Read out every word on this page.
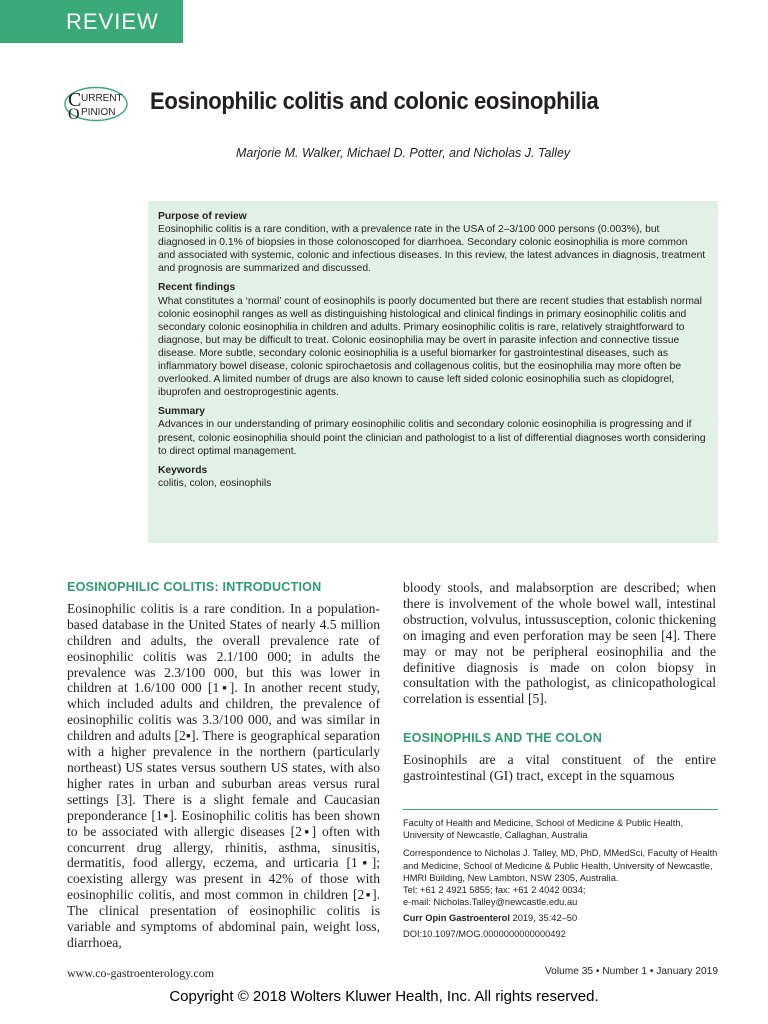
REVIEW
C URRENT
O PINION Eosinophilic colitis and colonic eosinophilia
Marjorie M. Walker, Michael D. Potter, and Nicholas J. Talley
Purpose of review

Eosinophilic colitis is a rare condition, with a prevalence rate in the USA of 2–3/100 000 persons (0.003%), but diagnosed in 0.1% of biopsies in those colonoscoped for diarrhoea. Secondary colonic eosinophilia is more common and associated with systemic, colonic and infectious diseases. In this review, the latest advances in diagnosis, treatment and prognosis are summarized and discussed.

Recent findings

What constitutes a ‘normal’ count of eosinophils is poorly documented but there are recent studies that establish normal colonic eosinophil ranges as well as distinguishing histological and clinical findings in primary eosinophilic colitis and secondary colonic eosinophilia in children and adults. Primary eosinophilic colitis is rare, relatively straightforward to diagnose, but may be difficult to treat. Colonic eosinophilia may be overt in parasite infection and connective tissue disease. More subtle, secondary colonic eosinophilia is a useful biomarker for gastrointestinal diseases, such as inflammatory bowel disease, colonic spirochaetosis and collagenous colitis, but the eosinophilia may more often be overlooked. A limited number of drugs are also known to cause left sided colonic eosinophilia such as clopidogrel, ibuprofen and oestroprogestinic agents.

Summary

Advances in our understanding of primary eosinophilic colitis and secondary colonic eosinophilia is progressing and if present, colonic eosinophilia should point the clinician and pathologist to a list of differential diagnoses worth considering to direct optimal management.

Keywords

colitis, colon, eosinophils

EOSINOPHILIC COLITIS: INTRODUCTION

Eosinophilic colitis is a rare condition. In a population-based database in the United States of nearly 4.5 million children and adults, the overall prevalence rate of eosinophilic colitis was 2.1/100 000; in adults the prevalence was 2.3/100 000, but this was lower in children at 1.6/100 000 [1▪]. In another recent study, which included adults and children, the prevalence of eosinophilic colitis was 3.3/100 000, and was similar in children and adults [2▪]. There is geographical separation with a higher prevalence in the northern (particularly northeast) US states versus southern US states, with also higher rates in urban and suburban areas versus rural settings [3]. There is a slight female and Caucasian preponderance [1▪]. Eosinophilic colitis has been shown to be associated with allergic diseases [2▪] often with concurrent drug allergy, rhinitis, asthma, sinusitis, dermatitis, food allergy, eczema, and urticaria [1▪]; coexisting allergy was present in 42% of those with eosinophilic colitis, and most common in children [2▪]. The clinical presentation of eosinophilic colitis is variable and symptoms of abdominal pain, weight loss, diarrhoea,

bloody stools, and malabsorption are described; when there is involvement of the whole bowel wall, intestinal obstruction, volvulus, intussusception, colonic thickening on imaging and even perforation may be seen [4]. There may or may not be peripheral eosinophilia and the definitive diagnosis is made on colon biopsy in consultation with the pathologist, as clinicopathological correlation is essential [5].

EOSINOPHILS AND THE COLON

Eosinophils are a vital constituent of the entire gastrointestinal (GI) tract, except in the squamous

Faculty of Health and Medicine, School of Medicine & Public Health, University of Newcastle, Callaghan, Australia

Correspondence to Nicholas J. Talley, MD, PhD, MMedSci, Faculty of Health and Medicine, School of Medicine & Public Health, University of Newcastle, HMRI Building, New Lambton, NSW 2305, Australia.

Tel: +61 2 4921 5855; fax: +61 2 4042 0034;

e-mail: Nicholas.Talley@newcastle.edu.au

Curr Opin Gastroenterol 2019, 35:42–50

DOI:10.1097/MOG.0000000000000492

www.co-gastroenterology.com	Volume 35 • Number 1 • January 2019
Copyright © 2018 Wolters Kluwer Health, Inc. All rights reserved.
